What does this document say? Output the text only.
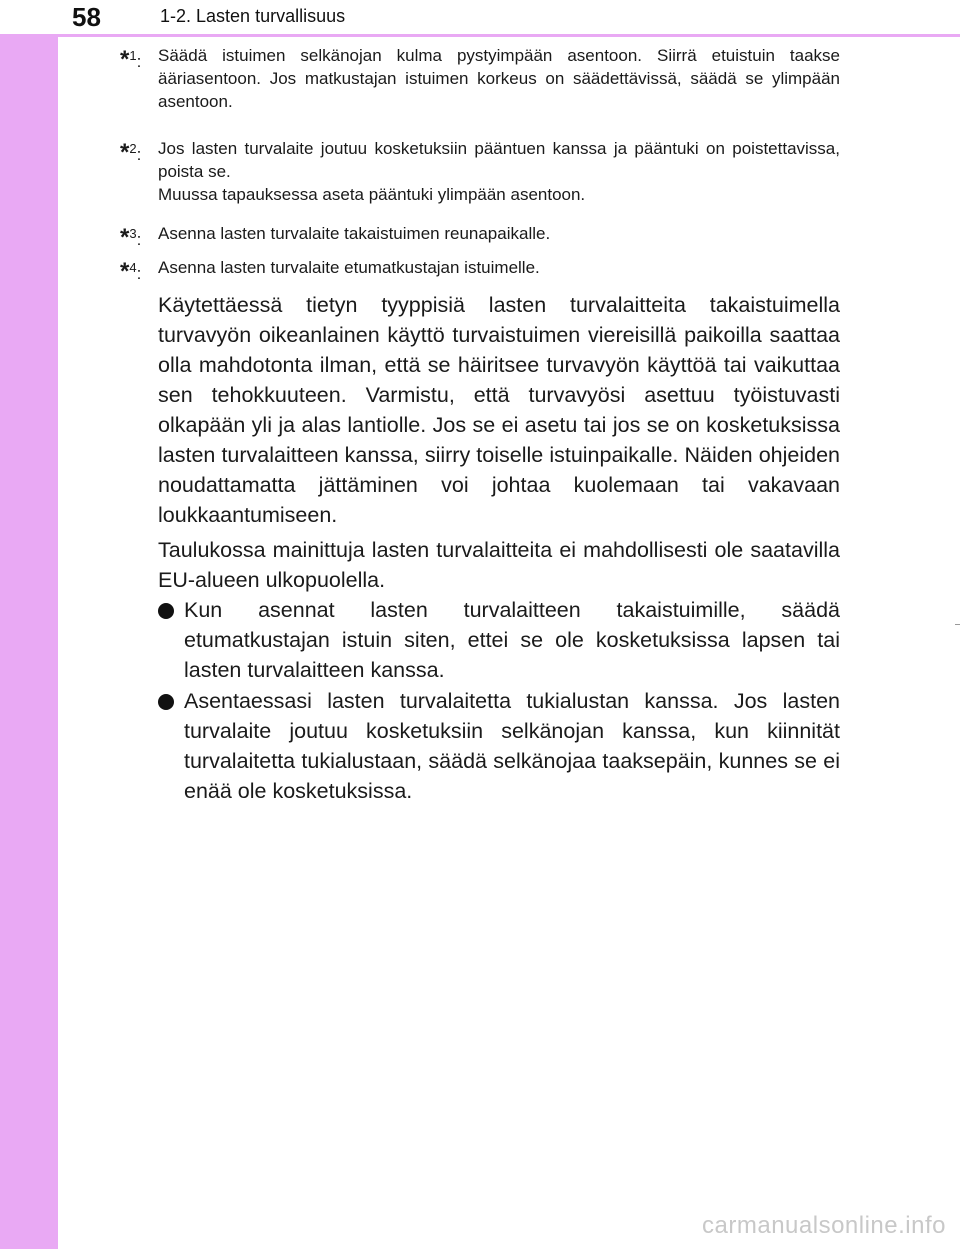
58	1-2. Lasten turvallisuus
*$^1$: Säädä istuimen selkänojan kulma pystyimpään asentoon. Siirrä etuistuin taakse ääriasentoon. Jos matkustajan istuimen korkeus on säädettävissä, säädä se ylimpään asentoon.
*$^2$: Jos lasten turvalaite joutuu kosketuksiin pääntuen kanssa ja pääntuki on poistettavissa, poista se.
Muussa tapauksessa aseta pääntuki ylimpään asentoon.
*$^3$: Asenna lasten turvalaite takaistuimen reunapaikalle.
*$^4$: Asenna lasten turvalaite etumatkustajan istuimelle.
Käytettäessä tietyn tyyppisiä lasten turvalaitteita takaistuimella turvavyön oikeanlainen käyttö turvaistuimen viereisillä paikoilla saattaa olla mahdotonta ilman, että se häiritsee turvavyön käyttöä tai vaikuttaa sen tehokkuuteen. Varmistu, että turvavyösi asettuu työistuvasti olkapään yli ja alas lantiolle. Jos se ei asetu tai jos se on kosketuksissa lasten turvalaitteen kanssa, siirry toiselle istuinpaikalle. Näiden ohjeiden noudattamatta jättäminen voi johtaa kuolemaan tai vakavaan loukkaantumiseen.
Taulukossa mainittuja lasten turvalaitteita ei mahdollisesti ole saatavilla EU-alueen ulkopuolella.
Kun asennat lasten turvalaitteen takaistuimille, säädä etumatkustajan istuin siten, ettei se ole kosketuksissa lapsen tai lasten turvalaitteen kanssa.
Asentaessasi lasten turvalaitetta tukialustan kanssa. Jos lasten turvalaite joutuu kosketuksiin selkänojan kanssa, kun kiinnität turvalaitetta tukialustaan, säädä selkänojaa taaksepäin, kunnes se ei enää ole kosketuksissa.
carmanualsonline.info
